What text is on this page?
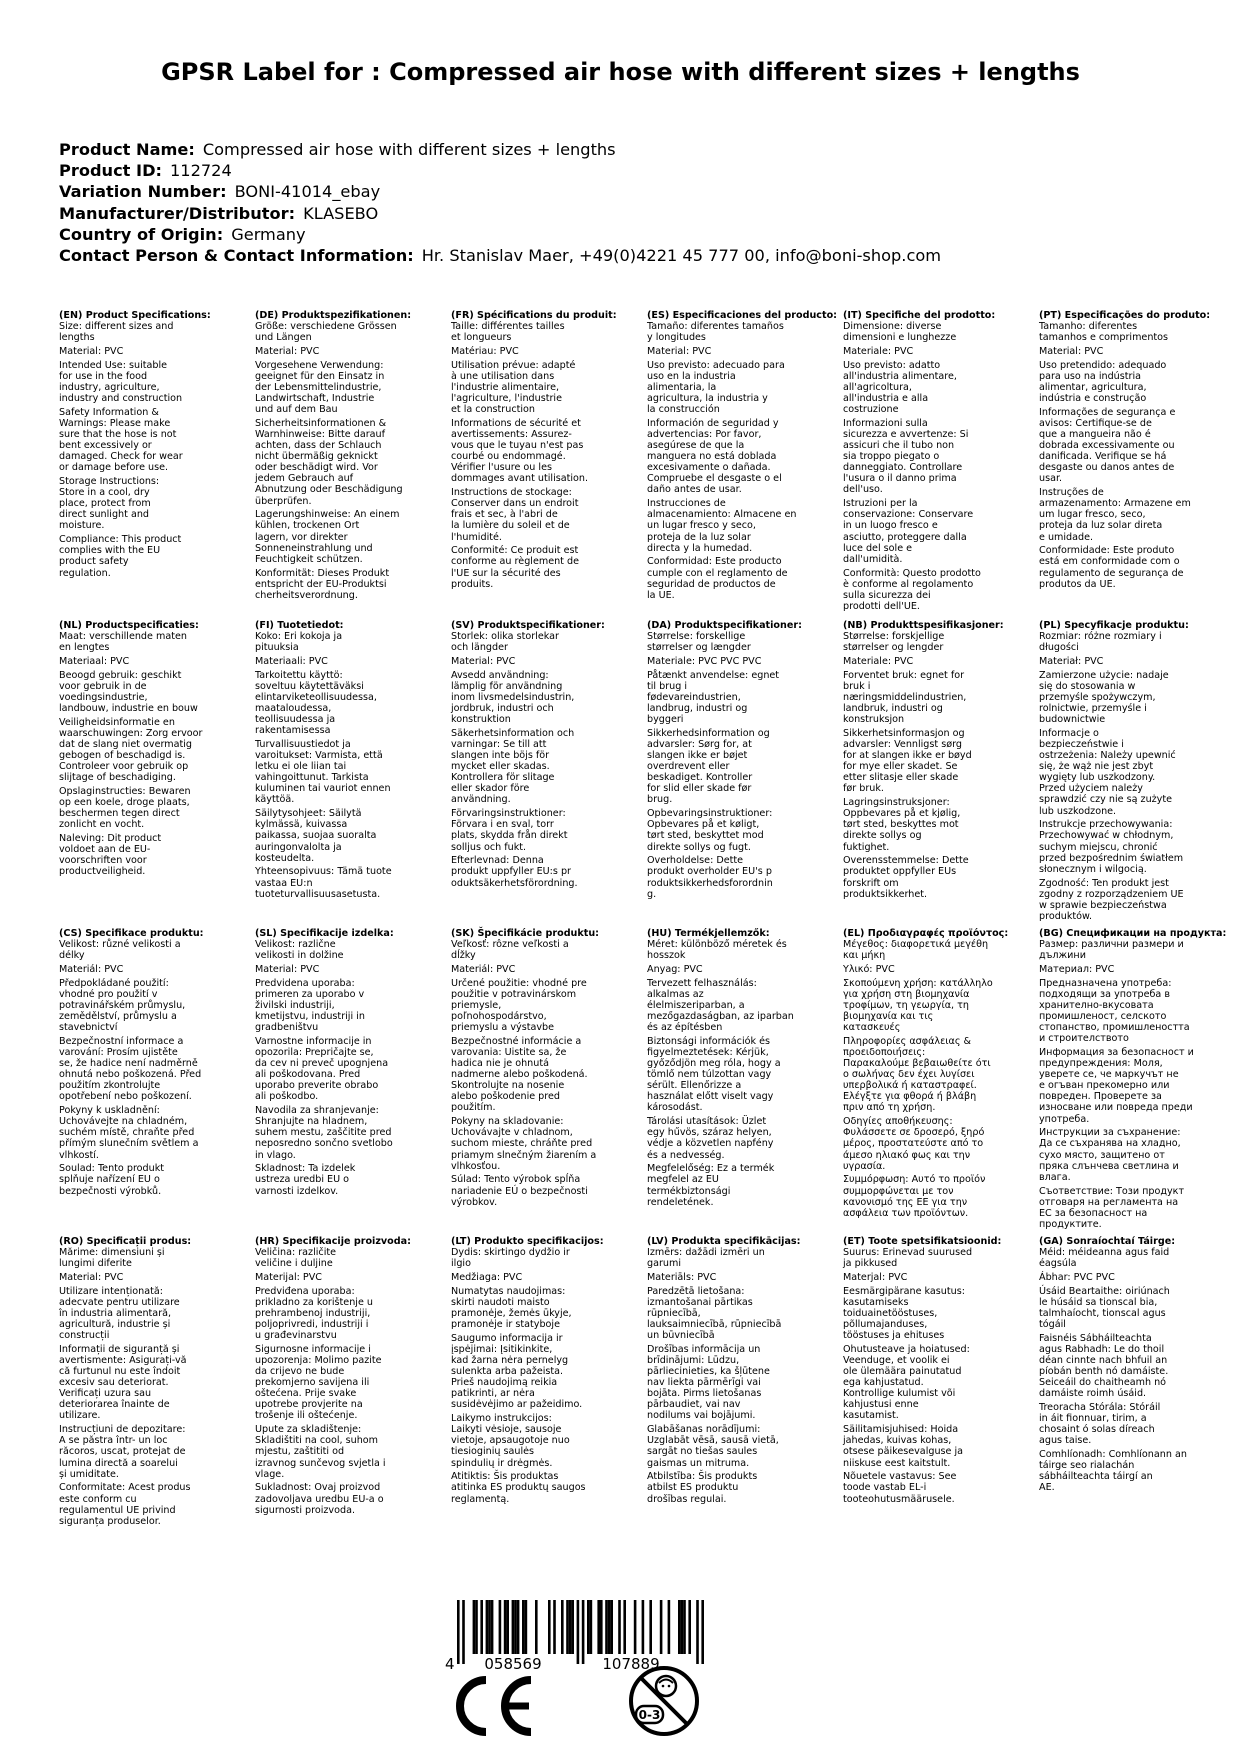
GPSR Label for : Compressed air hose with different sizes + lengths
Product Name: Compressed air hose with different sizes + lengths
Product ID: 112724
Variation Number: BONI-41014_ebay
Manufacturer/Distributor: KLASEBO
Country of Origin: Germany
Contact Person & Contact Information: Hr. Stanislav Maer, +49(0)4221 45 777 00, info@boni-shop.com
(EN) Product Specifications:
Size: different sizes and
lengths
Material: PVC
Intended Use: suitable
for use in the food
industry, agriculture,
industry and construction
Safety Information &
Warnings: Please make
sure that the hose is not
bent excessively or
damaged. Check for wear
or damage before use.
Storage Instructions:
Store in a cool, dry
place, protect from
direct sunlight and
moisture.
Compliance: This product
complies with the EU
product safety
regulation.
(DE) Produktspezifikationen:
Größe: verschiedene Grössen
und Längen
Material: PVC
Vorgesehene Verwendung:
geeignet für den Einsatz in
der Lebensmittelindustrie,
Landwirtschaft, Industrie
und auf dem Bau
Sicherheitsinformationen &
Warnhinweise: Bitte darauf
achten, dass der Schlauch
nicht übermäßig geknickt
oder beschädigt wird. Vor
jedem Gebrauch auf
Abnutzung oder Beschädigung
überprüfen.
Lagerungshinweise: An einem
kühlen, trockenen Ort
lagern, vor direkter
Sonneneinstrahlung und
Feuchtigkeit schützen.
Konformität: Dieses Produkt
entspricht der EU-Produktsi
cherheitsverordnung.
(FR) Spécifications du produit:
Taille: différentes tailles
et longueurs
Matériau: PVC
Utilisation prévue: adapté
à une utilisation dans
l'industrie alimentaire,
l'agriculture, l'industrie
et la construction
Informations de sécurité et
avertissements: Assurez-
vous que le tuyau n'est pas
courbé ou endommagé.
Vérifier l'usure ou les
dommages avant utilisation.
Instructions de stockage:
Conserver dans un endroit
frais et sec, à l'abri de
la lumière du soleil et de
l'humidité.
Conformité: Ce produit est
conforme au règlement de
l'UE sur la sécurité des
produits.
(ES) Especificaciones del producto:
Tamaño: diferentes tamaños
y longitudes
Material: PVC
Uso previsto: adecuado para
uso en la industria
alimentaria, la
agricultura, la industria y
la construcción
Información de seguridad y
advertencias: Por favor,
asegúrese de que la
manguera no está doblada
excesivamente o dañada.
Compruebe el desgaste o el
daño antes de usar.
Instrucciones de
almacenamiento: Almacene en
un lugar fresco y seco,
proteja de la luz solar
directa y la humedad.
Conformidad: Este producto
cumple con el reglamento de
seguridad de productos de
la UE.
(IT) Specifiche del prodotto:
Dimensione: diverse
dimensioni e lunghezze
Materiale: PVC
Uso previsto: adatto
all'industria alimentare,
all'agricoltura,
all'industria e alla
costruzione
Informazioni sulla
sicurezza e avvertenze: Si
assicuri che il tubo non
sia troppo piegato o
danneggiato. Controllare
l'usura o il danno prima
dell'uso.
Istruzioni per la
conservazione: Conservare
in un luogo fresco e
asciutto, proteggere dalla
luce del sole e
dall'umidità.
Conformità: Questo prodotto
è conforme al regolamento
sulla sicurezza dei
prodotti dell'UE.
(PT) Especificações do produto:
Tamanho: diferentes
tamanhos e comprimentos
Material: PVC
Uso pretendido: adequado
para uso na indústria
alimentar, agricultura,
indústria e construção
Informações de segurança e
avisos: Certifique-se de
que a mangueira não é
dobrada excessivamente ou
danificada. Verifique se há
desgaste ou danos antes de
usar.
Instruções de
armazenamento: Armazene em
um lugar fresco, seco,
proteja da luz solar direta
e umidade.
Conformidade: Este produto
está em conformidade com o
regulamento de segurança de
produtos da UE.
(NL) Productspecificaties:
Maat: verschillende maten
en lengtes
Materiaal: PVC
Beoogd gebruik: geschikt
voor gebruik in de
voedingsindustrie,
landbouw, industrie en bouw
Veiligheidsinformatie en
waarschuwingen: Zorg ervoor
dat de slang niet overmatig
gebogen of beschadigd is.
Controleer voor gebruik op
slijtage of beschadiging.
Opslaginstructies: Bewaren
op een koele, droge plaats,
beschermen tegen direct
zonlicht en vocht.
Naleving: Dit product
voldoet aan de EU-
voorschriften voor
productveiligheid.
(FI) Tuotetiedot:
Koko: Eri kokoja ja
pituuksia
Materiaali: PVC
Tarkoitettu käyttö:
soveltuu käytettäväksi
elintarviketeollisuudessa,
maataloudessa,
teollisuudessa ja
rakentamisessa
Turvallisuustiedot ja
varoitukset: Varmista, että
letku ei ole liian tai
vahingoittunut. Tarkista
kuluminen tai vauriot ennen
käyttöä.
Säilytysohjeet: Säilytä
kylmässä, kuivassa
paikassa, suojaa suoralta
auringonvalolta ja
kosteudelta.
Yhteensopivuus: Tämä tuote
vastaa EU:n
tuoteturvallisuusasetusta.
(SV) Produktspecifikationer:
Storlek: olika storlekar
och längder
Material: PVC
Avsedd användning:
lämplig för användning
inom livsmedelsindustrin,
jordbruk, industri och
konstruktion
Säkerhetsinformation och
varningar: Se till att
slangen inte böjs för
mycket eller skadas.
Kontrollera för slitage
eller skador före
användning.
Förvaringsinstruktioner:
Förvara i en sval, torr
plats, skydda från direkt
solljus och fukt.
Efterlevnad: Denna
produkt uppfyller EU:s pr
oduktsäkerhetsförordning.
(DA) Produktspecifikationer:
Størrelse: forskellige
størrelser og længder
Materiale: PVC PVC PVC
Påtænkt anvendelse: egnet
til brug i
fødevareindustrien,
landbrug, industri og
byggeri
Sikkerhedsinformation og
advarsler: Sørg for, at
slangen ikke er bøjet
overdrevent eller
beskadiget. Kontroller
for slid eller skade før
brug.
Opbevaringsinstruktioner:
Opbevares på et køligt,
tørt sted, beskyttet mod
direkte sollys og fugt.
Overholdelse: Dette
produkt overholder EU's p
roduktsikkerhedsforordnin
g.
(NB) Produkttspesifikasjoner:
Størrelse: forskjellige
størrelser og lengder
Materiale: PVC
Forventet bruk: egnet for
bruk i
næringsmiddelindustrien,
landbruk, industri og
konstruksjon
Sikkerhetsinformasjon og
advarsler: Vennligst sørg
for at slangen ikke er bøyd
for mye eller skadet. Se
etter slitasje eller skade
før bruk.
Lagringsinstruksjoner:
Oppbevares på et kjølig,
tørt sted, beskyttes mot
direkte sollys og
fuktighet.
Overensstemmelse: Dette
produktet oppfyller EUs
forskrift om
produktsikkerhet.
(PL) Specyfikacje produktu:
Rozmiar: różne rozmiary i
długości
Materiał: PVC
Zamierzone użycie: nadaje
się do stosowania w
przemyśle spożywczym,
rolnictwie, przemyśle i
budownictwie
Informacje o
bezpieczeństwie i
ostrzeżenia: Należy upewnić
się, że wąż nie jest zbyt
wygięty lub uszkodzony.
Przed użyciem należy
sprawdzić czy nie są zużyte
lub uszkodzone.
Instrukcje przechowywania:
Przechowywać w chłodnym,
suchym miejscu, chronić
przed bezpośrednim światłem
słonecznym i wilgocią.
Zgodność: Ten produkt jest
zgodny z rozporządzeniem UE
w sprawie bezpieczeństwa
produktów.
(CS) Specifikace produktu:
Velikost: různé velikosti a
délky
Materiál: PVC
Předpokládané použití:
vhodné pro použití v
potravinářském průmyslu,
zemědělství, průmyslu a
stavebnictví
Bezpečnostní informace a
varování: Prosím ujistěte
se, že hadice není nadměrně
ohnutá nebo poškozená. Před
použitím zkontrolujte
opotřebení nebo poškození.
Pokyny k uskladnění:
Uchovávejte na chladném,
suchém místě, chraňte před
přímým slunečním světlem a
vlhkostí.
Soulad: Tento produkt
splňuje nařízení EU o
bezpečnosti výrobků.
(SL) Specifikacije izdelka:
Velikost: različne
velikosti in dolžine
Material: PVC
Predvidena uporaba:
primeren za uporabo v
živilski industriji,
kmetijstvu, industriji in
gradbeništvu
Varnostne informacije in
opozorila: Prepričajte se,
da cev ni preveč upognjena
ali poškodovana. Pred
uporabo preverite obrabo
ali poškodbo.
Navodila za shranjevanje:
Shranjujte na hladnem,
suhem mestu, zaščitite pred
neposredno sončno svetlobo
in vlago.
Skladnost: Ta izdelek
ustreza uredbi EU o
varnosti izdelkov.
(SK) Špecifikácie produktu:
Veľkosť: rôzne veľkosti a
dĺžky
Materiál: PVC
Určené použitie: vhodné pre
použitie v potravinárskom
priemysle,
poľnohospodárstvo,
priemyslu a výstavbe
Bezpečnostné informácie a
varovania: Uistite sa, že
hadica nie je ohnutá
nadmerne alebo poškodená.
Skontrolujte na nosenie
alebo poškodenie pred
použitím.
Pokyny na skladovanie:
Uchovávajte v chladnom,
suchom mieste, chráňte pred
priamym slnečným žiarením a
vlhkosťou.
Súlad: Tento výrobok spĺňa
nariadenie EÚ o bezpečnosti
výrobkov.
(HU) Termékjellemzők:
Méret: különböző méretek és
hosszok
Anyag: PVC
Tervezett felhasználás:
alkalmas az
élelmiszeriparban, a
mezőgazdaságban, az iparban
és az építésben
Biztonsági információk és
figyelmeztetések: Kérjük,
győződjön meg róla, hogy a
tömlő nem túlzottan vagy
sérült. Ellenőrizze a
használat előtt viselt vagy
károsodást.
Tárolási utasítások: Üzlet
egy hűvös, száraz helyen,
védje a közvetlen napfény
és a nedvesség.
Megfelelőség: Ez a termék
megfelel az EU
termékbiztonsági
rendeletének.
(EL) Προδιαγραφές προϊόντος:
Μέγεθος: διαφορετικά μεγέθη
και μήκη
Υλικό: PVC
Σκοπούμενη χρήση: κατάλληλο
για χρήση στη βιομηχανία
τροφίμων, τη γεωργία, τη
βιομηχανία και τις
κατασκευές
Πληροφορίες ασφάλειας &
προειδοποιήσεις:
Παρακαλούμε βεβαιωθείτε ότι
ο σωλήνας δεν έχει λυγίσει
υπερβολικά ή καταστραφεί.
Ελέγξτε για φθορά ή βλάβη
πριν από τη χρήση.
Οδηγίες αποθήκευσης:
Φυλάσσετε σε δροσερό, ξηρό
μέρος, προστατεύστε από το
άμεσο ηλιακό φως και την
υγρασία.
Συμμόρφωση: Αυτό το προϊόν
συμμορφώνεται με τον
κανονισμό της ΕΕ για την
ασφάλεια των προϊόντων.
(BG) Спецификации на продукта:
Размер: различни размери и
дължини
Материал: PVC
Предназначена употреба:
подходящи за употреба в
хранително-вкусовата
промишленост, селското
стопанство, промишлеността
и строителството
Информация за безопасност и
предупреждения: Моля,
уверете се, че маркучът не
е огъван прекомерно или
повреден. Проверете за
износване или повреда преди
употреба.
Инструкции за съхранение:
Да се съхранява на хладно,
сухо място, защитено от
пряка слънчева светлина и
влага.
Съответствие: Този продукт
отговаря на регламента на
ЕС за безопасност на
продуктите.
(RO) Specificații produs:
Mărime: dimensiuni și
lungimi diferite
Material: PVC
Utilizare intenționată:
adecvate pentru utilizare
în industria alimentară,
agricultură, industrie și
construcții
Informații de siguranță și
avertismente: Asigurați-vă
că furtunul nu este îndoit
excesiv sau deteriorat.
Verificați uzura sau
deteriorarea înainte de
utilizare.
Instrucțiuni de depozitare:
A se păstra într- un loc
răcoros, uscat, protejat de
lumina directă a soarelui
și umiditate.
Conformitate: Acest produs
este conform cu
regulamentul UE privind
siguranța produselor.
(HR) Specifikacije proizvoda:
Veličina: različite
veličine i duljine
Materijal: PVC
Predviđena uporaba:
prikladno za korištenje u
prehrambenoj industriji,
poljoprivredi, industriji i
u građevinarstvu
Sigurnosne informacije i
upozorenja: Molimo pazite
da crijevo ne bude
prekomjerno savijena ili
oštećena. Prije svake
upotrebe provjerite na
trošenje ili oštećenje.
Upute za skladištenje:
Skladištiti na cool, suhom
mjestu, zaštititi od
izravnog sunčevog svjetla i
vlage.
Sukladnost: Ovaj proizvod
zadovoljava uredbu EU-a o
sigurnosti proizvoda.
(LT) Produkto specifikacijos:
Dydis: skirtingo dydžio ir
ilgio
Medžiaga: PVC
Numatytas naudojimas:
skirti naudoti maisto
pramonėje, žemės ūkyje,
pramonėje ir statyboje
Saugumo informacija ir
įspėjimai: Įsitikinkite,
kad žarna nėra pernelyg
sulenkta arba pažeista.
Prieš naudojimą reikia
patikrinti, ar nėra
susidėvėjimo ar pažeidimo.
Laikymo instrukcijos:
Laikyti vėsioje, sausoje
vietoje, apsaugotoje nuo
tiesioginių saulės
spindulių ir drėgmės.
Atitiktis: Šis produktas
atitinka ES produktų saugos
reglamentą.
(LV) Produkta specifikācijas:
Izmērs: dažādi izmēri un
garumi
Materiāls: PVC
Paredzētā lietošana:
izmantošanai pārtikas
rūpniecībā,
lauksaimniecībā, rūpniecībā
un būvniecībā
Drošības informācija un
brīdinājumi: Lūdzu,
pārliecinieties, ka šļūtene
nav liekta pārmērīgi vai
bojāta. Pirms lietošanas
pārbaudiet, vai nav
nodilums vai bojājumi.
Glabāšanas norādījumi:
Uzglabāt vēsā, sausā vietā,
sargāt no tiešas saules
gaismas un mitruma.
Atbilstība: Šis produkts
atbilst ES produktu
drošības regulai.
(ET) Toote spetsifikatsioonid:
Suurus: Erinevad suurused
ja pikkused
Materjal: PVC
Eesmärgipärane kasutus:
kasutamiseks
toiduainetööstuses,
põllumajanduses,
tööstuses ja ehituses
Ohutusteave ja hoiatused:
Veenduge, et voolik ei
ole ülemäära painutatud
ega kahjustatud.
Kontrollige kulumist või
kahjustusi enne
kasutamist.
Säilitamisjuhised: Hoida
jahedas, kuivas kohas,
otsese päikesevalguse ja
niiskuse eest kaitstult.
Nõuetele vastavus: See
toode vastab EL-i
tooteohutusmäärusele.
(GA) Sonraíochtaí Táirge:
Méid: méideanna agus faid
éagsúla
Ábhar: PVC PVC
Úsáid Beartaithe: oiriúnach
le húsáid sa tionscal bia,
talmhaíocht, tionscal agus
tógáil
Faisnéis Sábháilteachta
agus Rabhadh: Le do thoil
déan cinnte nach bhfuil an
píobán benth nó damáiste.
Seiceáil do chaitheamh nó
damáiste roimh úsáid.
Treoracha Stórála: Stóráil
in áit fionnuar, tirim, a
chosaint ó solas díreach
agus taise.
Comhlíonadh: Comhlíonann an
táirge seo rialachán
sábháilteachta táirgí an
AE.
4 058569	107889
0-3
